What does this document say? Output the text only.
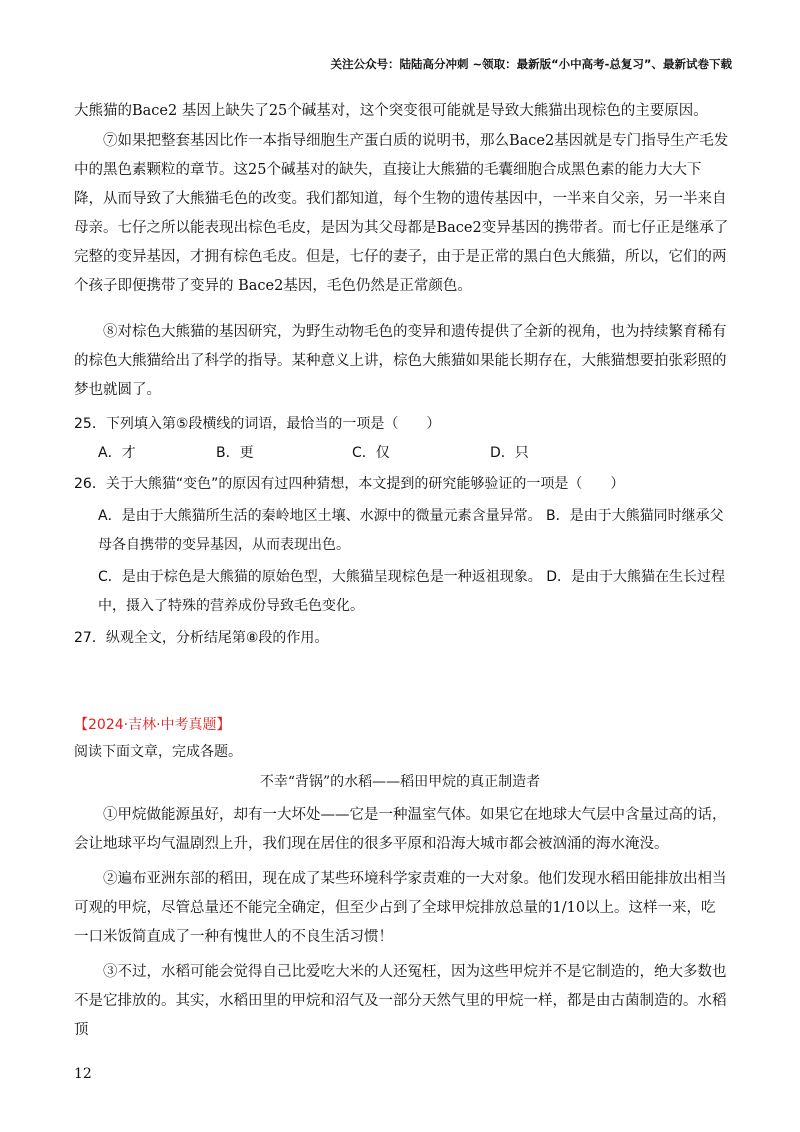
关注公众号：陆陆高分冲刺 ~领取：最新版“小中高考-总复习”、最新试卷下载

大熊猫的Bace2 基因上缺失了25个碱基对，这个突变很可能就是导致大熊猫出现棕色的主要原因。

⑦如果把整套基因比作一本指导细胞生产蛋白质的说明书，那么Bace2基因就是专门指导生产毛发中的黑色素颗粒的章节。这25个碱基对的缺失，直接让大熊猫的毛囊细胞合成黑色素的能力大大下降，从而导致了大熊猫毛色的改变。我们都知道，每个生物的遗传基因中，一半来自父亲，另一半来自母亲。七仔之所以能表现出棕色毛皮，是因为其父母都是Bace2变异基因的携带者。而七仔正是继承了完整的变异基因，才拥有棕色毛皮。但是，七仔的妻子，由于是正常的黑白色大熊猫，所以，它们的两个孩子即便携带了变异的 Bace2基因，毛色仍然是正常颜色。

⑧对棕色大熊猫的基因研究，为野生动物毛色的变异和遗传提供了全新的视角，也为持续繁育稀有的棕色大熊猫给出了科学的指导。某种意义上讲，棕色大熊猫如果能长期存在，大熊猫想要拍张彩照的梦也就圆了。

25．下列填入第⑤段横线的词语，最恰当的一项是（　　）

A．才	B．更	C．仅	D．只

26．关于大熊猫“变色”的原因有过四种猜想，本文提到的研究能够验证的一项是（　　）

A．是由于大熊猫所生活的秦岭地区土壤、水源中的微量元素含量异常。 B．是由于大熊猫同时继承父母各自携带的变异基因，从而表现出色。

C．是由于棕色是大熊猫的原始色型，大熊猫呈现棕色是一种返祖现象。 D．是由于大熊猫在生长过程中，摄入了特殊的营养成份导致毛色变化。

27．纵观全文，分析结尾第⑧段的作用。

【2024·吉林·中考真题】

阅读下面文章，完成各题。

不幸“背锅”的水稻——稻田甲烷的真正制造者

①甲烷做能源虽好，却有一大坏处——它是一种温室气体。如果它在地球大气层中含量过高的话，会让地球平均气温剧烈上升，我们现在居住的很多平原和沿海大城市都会被汹涌的海水淹没。

②遍布亚洲东部的稻田，现在成了某些环境科学家责难的一大对象。他们发现水稻田能排放出相当可观的甲烷，尽管总量还不能完全确定，但至少占到了全球甲烷排放总量的1/10以上。这样一来，吃一口米饭简直成了一种有愧世人的不良生活习惯！

③不过，水稻可能会觉得自己比爱吃大米的人还冤枉，因为这些甲烷并不是它制造的，绝大多数也不是它排放的。其实，水稻田里的甲烷和沼气及一部分天然气里的甲烷一样，都是由古菌制造的。水稻顶

12
